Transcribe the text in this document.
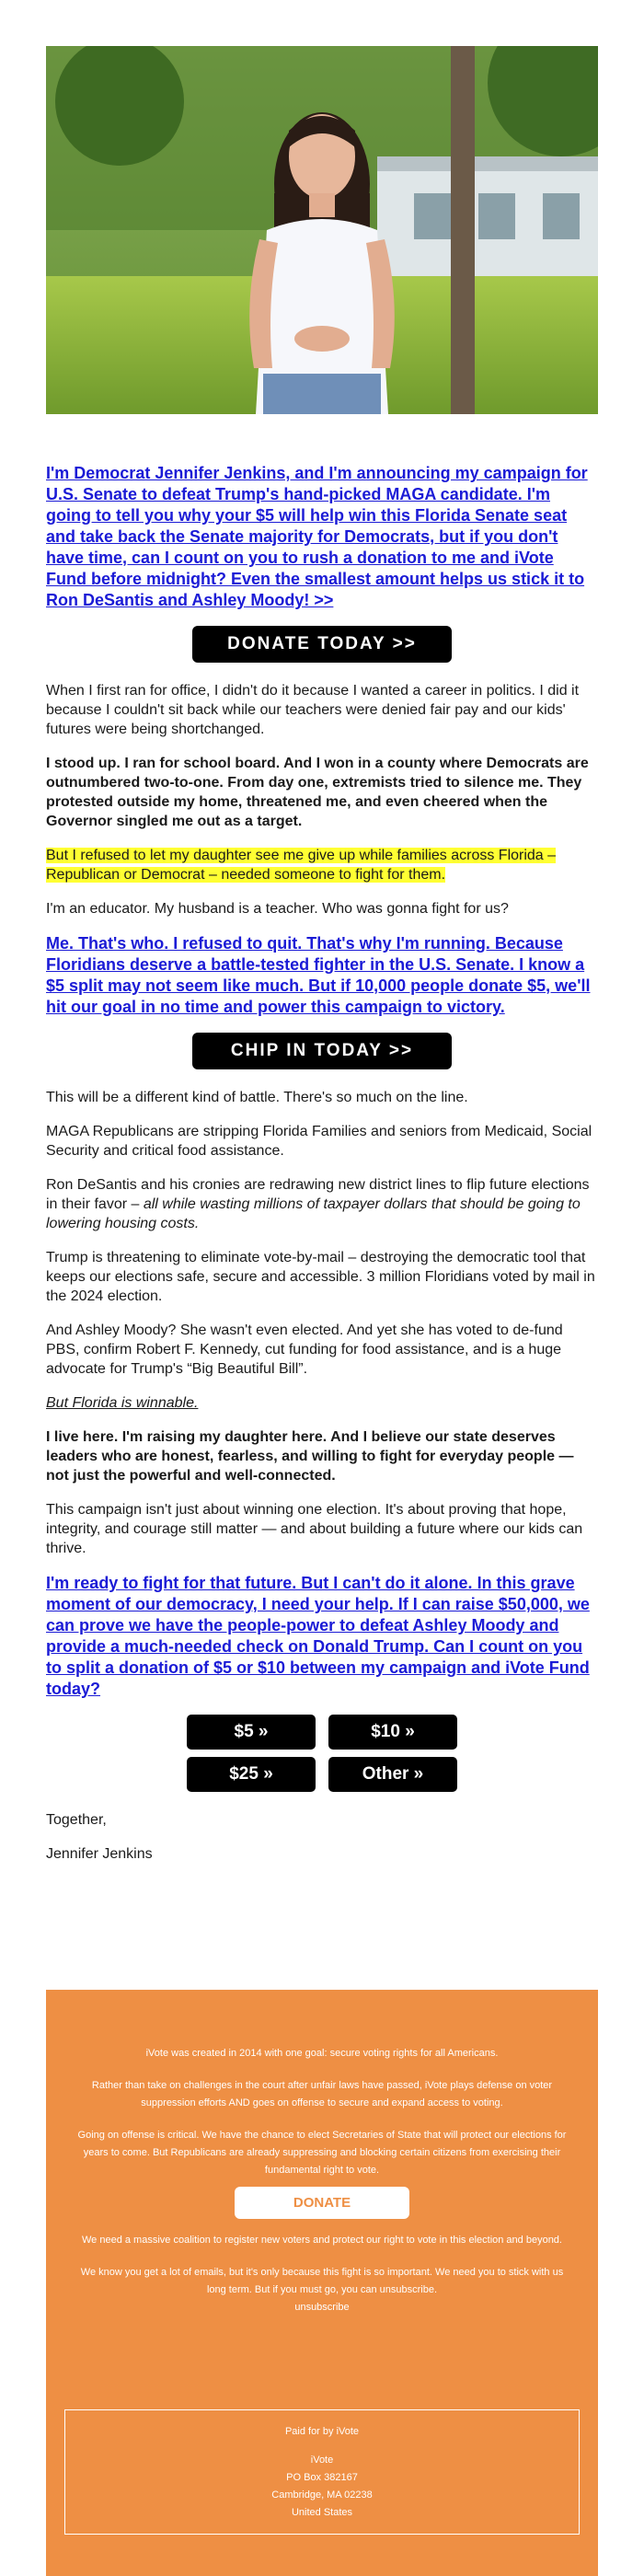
I'm Democrat Jennifer Jenkins, and I'm announcing my campaign for U.S. Senate to defeat Trump's hand-picked MAGA candidate. I'm going to tell you why your $5 will help win this Florida Senate seat and take back the Senate majority for Democrats, but if you don't have time, can I count on you to rush a donation to me and iVote Fund before midnight? Even the smallest amount helps us stick it to Ron DeSantis and Ashley Moody! >>

DONATE TODAY >>

When I first ran for office, I didn't do it because I wanted a career in politics. I did it because I couldn't sit back while our teachers were denied fair pay and our kids' futures were being shortchanged.

I stood up. I ran for school board. And I won in a county where Democrats are outnumbered two-to-one. From day one, extremists tried to silence me. They protested outside my home, threatened me, and even cheered when the Governor singled me out as a target.

But I refused to let my daughter see me give up while families across Florida – Republican or Democrat – needed someone to fight for them.

I'm an educator. My husband is a teacher. Who was gonna fight for us?

Me. That's who. I refused to quit. That's why I'm running. Because Floridians deserve a battle-tested fighter in the U.S. Senate. I know a $5 split may not seem like much. But if 10,000 people donate $5, we'll hit our goal in no time and power this campaign to victory.

CHIP IN TODAY >>

This will be a different kind of battle. There's so much on the line.

MAGA Republicans are stripping Florida Families and seniors from Medicaid, Social Security and critical food assistance.

Ron DeSantis and his cronies are redrawing new district lines to flip future elections in their favor – all while wasting millions of taxpayer dollars that should be going to lowering housing costs.

Trump is threatening to eliminate vote-by-mail – destroying the democratic tool that keeps our elections safe, secure and accessible. 3 million Floridians voted by mail in the 2024 election.

And Ashley Moody? She wasn't even elected. And yet she has voted to de-fund PBS, confirm Robert F. Kennedy, cut funding for food assistance, and is a huge advocate for Trump's “Big Beautiful Bill”.

But Florida is winnable.

I live here. I'm raising my daughter here. And I believe our state deserves leaders who are honest, fearless, and willing to fight for everyday people — not just the powerful and well-connected.

This campaign isn't just about winning one election. It's about proving that hope, integrity, and courage still matter — and about building a future where our kids can thrive.

I'm ready to fight for that future. But I can't do it alone. In this grave moment of our democracy, I need your help. If I can raise $50,000, we can prove we have the people-power to defeat Ashley Moody and provide a much-needed check on Donald Trump. Can I count on you to split a donation of $5 or $10 between my campaign and iVote Fund today?

$5 »	$10 »
$25 »	Other »

Together,

Jennifer Jenkins

iVote was created in 2014 with one goal: secure voting rights for all Americans.

Rather than take on challenges in the court after unfair laws have passed, iVote plays defense on voter suppression efforts AND goes on offense to secure and expand access to voting.

Going on offense is critical. We have the chance to elect Secretaries of State that will protect our elections for years to come. But Republicans are already suppressing and blocking certain citizens from exercising their fundamental right to vote.

DONATE

We need a massive coalition to register new voters and protect our right to vote in this election and beyond.

We know you get a lot of emails, but it's only because this fight is so important. We need you to stick with us long term. But if you must go, you can unsubscribe.

unsubscribe

Paid for by iVote
iVote
PO Box 382167
Cambridge, MA 02238
United States
